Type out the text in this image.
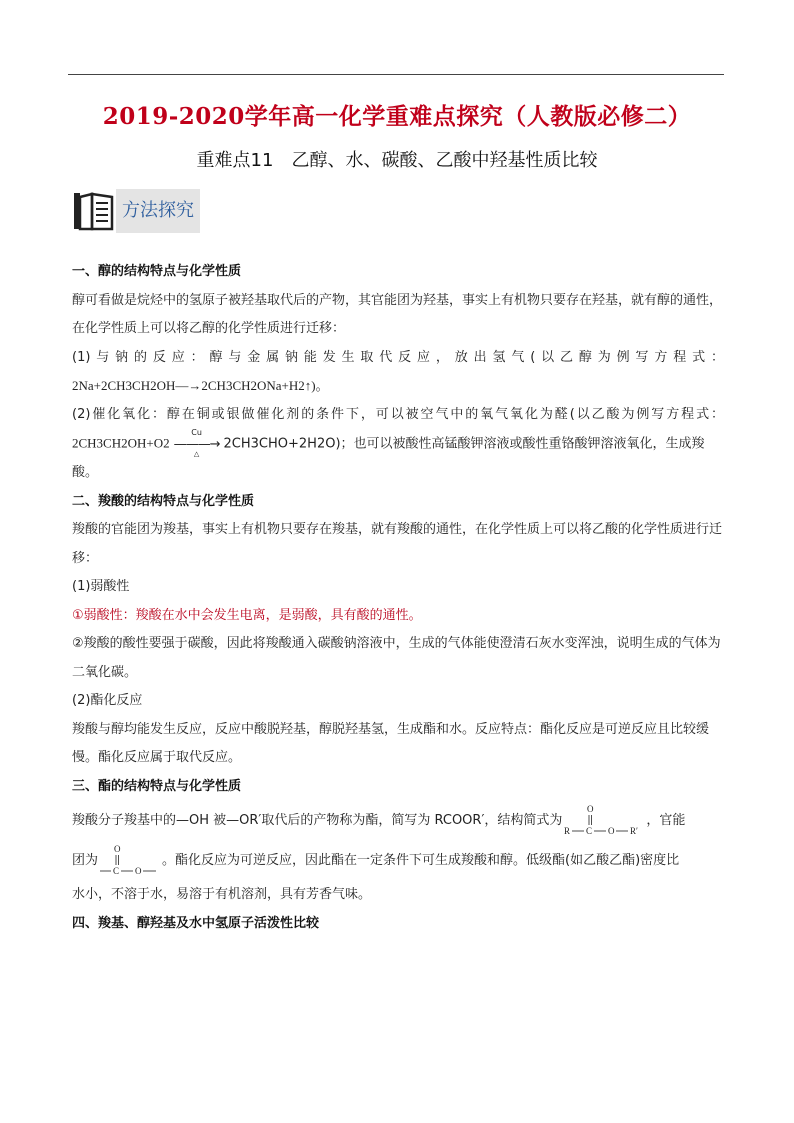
2019-2020学年高一化学重难点探究（人教版必修二）
重难点11　乙醇、水、碳酸、乙酸中羟基性质比较
方法探究

一、醇的结构特点与化学性质

醇可看做是烷烃中的氢原子被羟基取代后的产物，其官能团为羟基，事实上有机物只要存在羟基，就有醇的通性，在化学性质上可以将乙醇的化学性质进行迁移：

(1)与钠的反应：醇与金属钠能发生取代反应，放出氢气(以乙醇为例写方程式：

2Na+2CH3CH2OH—→2CH3CH2ONa+H2↑)。

(2)催化氧化：醇在铜或银做催化剂的条件下，可以被空气中的氧气氧化为醛(以乙酸为例写方程式：

2CH3CH2OH+O2
Cu
———→
△
2CH3CHO+2H2O)；也可以被酸性高锰酸钾溶液或酸性重铬酸钾溶液氧化，生成羧

酸。

二、羧酸的结构特点与化学性质

羧酸的官能团为羧基，事实上有机物只要存在羧基，就有羧酸的通性，在化学性质上可以将乙酸的化学性质进行迁移：

(1)弱酸性

①弱酸性：羧酸在水中会发生电离，是弱酸，具有酸的通性。

②羧酸的酸性要强于碳酸，因此将羧酸通入碳酸钠溶液中，生成的气体能使澄清石灰水变浑浊，说明生成的气体为二氧化碳。

(2)酯化反应

羧酸与醇均能发生反应，反应中酸脱羟基，醇脱羟基氢，生成酯和水。反应特点：酯化反应是可逆反应且比较缓慢。酯化反应属于取代反应。

三、酯的结构特点与化学性质

羧酸分子羧基中的—OH 被—OR′取代后的产物称为酯，简写为 RCOOR′，结构简式为
O
R C O R′
，官能

团为
O
C O
。酯化反应为可逆反应，因此酯在一定条件下可生成羧酸和醇。低级酯(如乙酸乙酯)密度比

水小，不溶于水，易溶于有机溶剂，具有芳香气味。

四、羧基、醇羟基及水中氢原子活泼性比较
